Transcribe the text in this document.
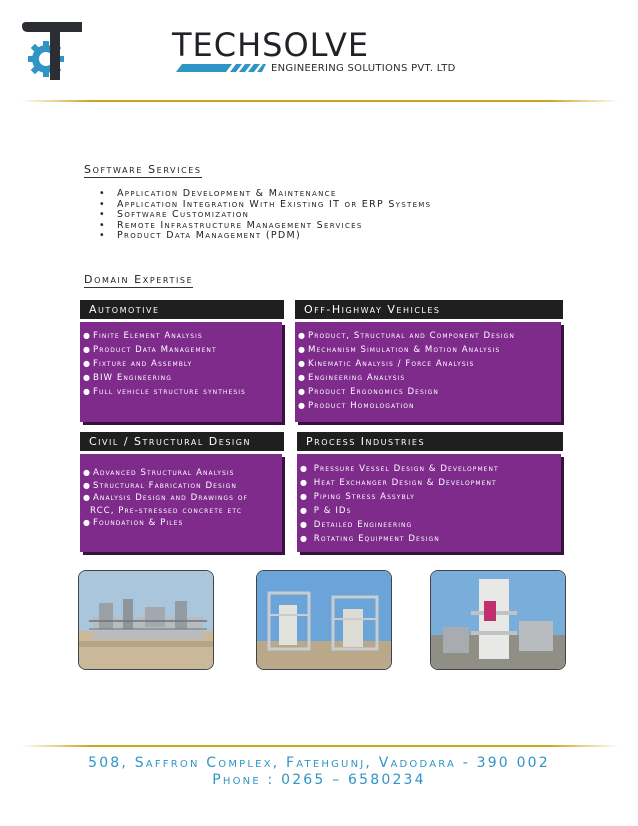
TECHSOLVE
ENGINEERING SOLUTIONS PVT. LTD
Software Services
• Application Development & Maintenance
• Application Integration With Existing IT or ERP Systems
• Software Customization
• Remote Infrastructure Management Services
• Product Data Management (PDM)
Domain Expertise
Automotive
● Finite Element Analysis
● Product Data Management
● Fixture and Assembly
● BIW Engineering
● Full vehicle structure synthesis
Off-Highway Vehicles
● Product, Structural and Component Design
● Mechanism Simulation & Motion Analysis
● Kinematic Analysis / Force Analysis
● Engineering Analysis
● Product Ergonomics Design
● Product Homologation
Civil / Structural Design
● Advanced Structural Analysis
● Structural Fabrication Design
● Analysis Design and Drawings of
RCC, Pre-stressed concrete etc
● Foundation & Piles
Process Industries
● Pressure Vessel Design & Development
● Heat Exchanger Design & Development
● Piping Stress Assybly
● P & IDs
● Detailed Engineering
● Rotating Equipment Design
508, Saffron Complex, Fatehgunj, Vadodara - 390 002
Phone : 0265 – 6580234
